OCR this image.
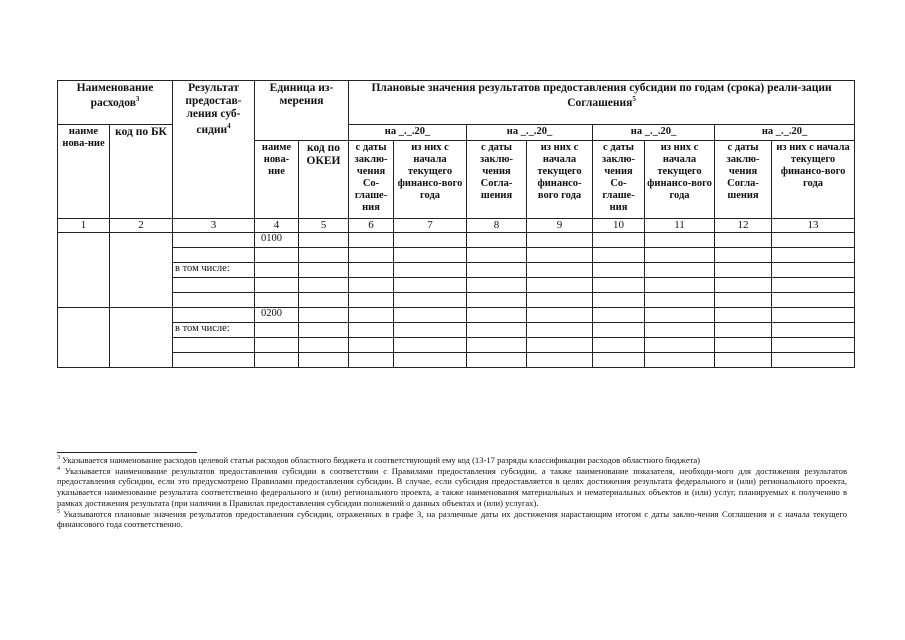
Наименование расходов$^3$		Результат предостав-ления суб-сидии$^4$	Единица из-мерения		Плановые значения результатов предоставления субсидии по годам (срока) реали-зации Соглашения$^5$
наиме нова-ние	код по БК				на _._.20_		на _._.20_		на _._.20_		на _._.20_	
			наиме нова-ние	код по ОКЕИ	с даты заклю-чения Со-глаше-ния	из них с начала текущего финансо-вого года	с даты заклю-чения Согла-шения	из них с начала текущего финансо-вого года	с даты заклю-чения Со-глаше-ния	из них с начала текущего финансо-вого года	с даты заклю-чения Согла-шения	из них с начала текущего финансо-вого года
1	2	3	4	5	6	7	8	9	10	11	12	13
			0100									

		в том числе:										

			0200									
		в том числе:										

$^3$ Указывается наименование расходов целевой статьи расходов областного бюджета и соответствующий ему код (13-17 разряды классификации расходов областного бюджета)

$^4$ Указывается наименование результатов предоставления субсидии в соответствии с Правилами предоставления субсидии, а также наименование показателя, необходи-мого для достижения результатов предоставления субсидии, если это предусмотрено Правилами предоставления субсидии. В случае, если субсидия предоставляется в целях достижения результата федерального и (или) регионального проекта, указывается наименование результата соответственно федерального и (или) регионального проекта, а также наименования материальных и нематериальных объектов и (или) услуг, планируемых к получению в рамках достижения результата (при наличии в Правилах предоставления субсидии положений о данных объектах и (или) услугах).

$^5$ Указываются плановые значения результатов предоставления субсидии, отраженных в графе 3, на различные даты их достижения нарастающим итогом с даты заклю-чения Соглашения и с начала текущего финансового года соответственно.
